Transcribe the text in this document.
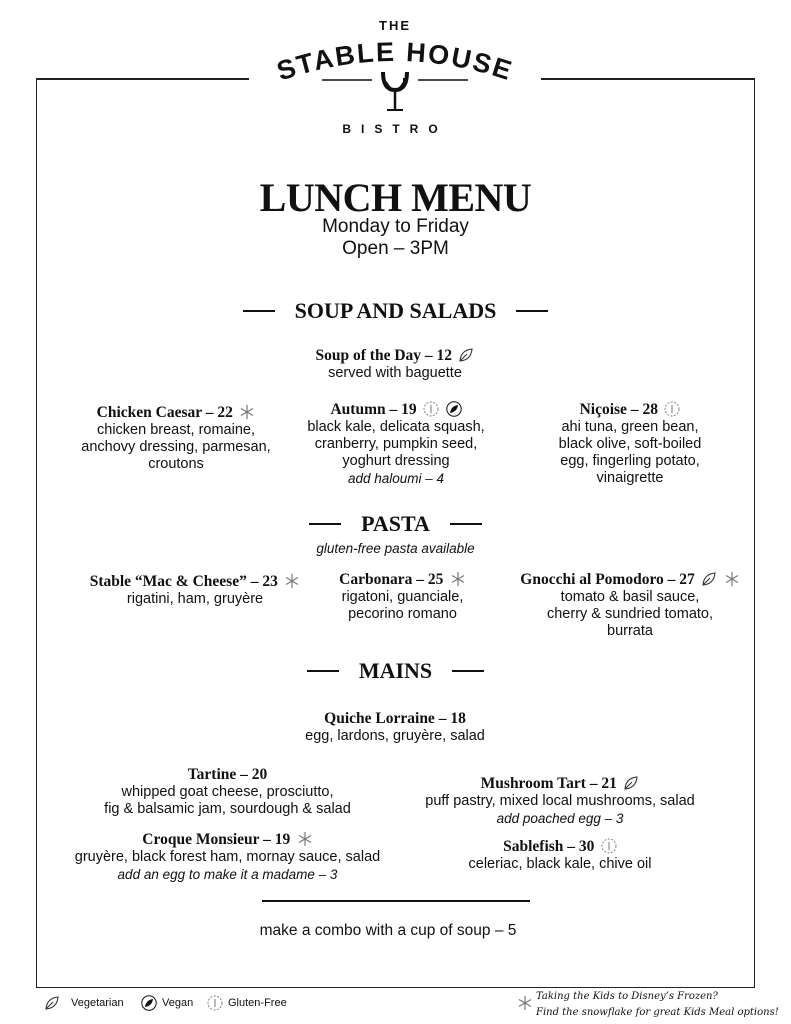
THE
STABLE HOUSE
BISTRO
LUNCH MENU
Monday to Friday
Open – 3PM
SOUP AND SALADS
Soup of the Day – 12
served with baguette
Chicken Caesar – 22
chicken breast, romaine,
anchovy dressing, parmesan,
croutons
Autumn – 19
black kale, delicata squash,
cranberry, pumpkin seed,
yoghurt dressing
add haloumi – 4
Niçoise – 28
ahi tuna, green bean,
black olive, soft-boiled
egg, fingerling potato,
vinaigrette
PASTA
gluten-free pasta available
Stable “Mac & Cheese” – 23
rigatini, ham, gruyère
Carbonara – 25
rigatoni, guanciale,
pecorino romano
Gnocchi al Pomodoro – 27
tomato & basil sauce,
cherry & sundried tomato,
burrata
MAINS
Quiche Lorraine – 18
egg, lardons, gruyère, salad
Tartine – 20
whipped goat cheese, prosciutto,
fig & balsamic jam, sourdough & salad
Mushroom Tart – 21
puff pastry, mixed local mushrooms, salad
add poached egg – 3
Croque Monsieur – 19
gruyère, black forest ham, mornay sauce, salad
add an egg to make it a madame – 3
Sablefish – 30
celeriac, black kale, chive oil
make a combo with a cup of soup – 5
Vegetarian	Vegan	Gluten-Free
Taking the Kids to Disney’s Frozen?
Find the snowflake for great Kids Meal options!
